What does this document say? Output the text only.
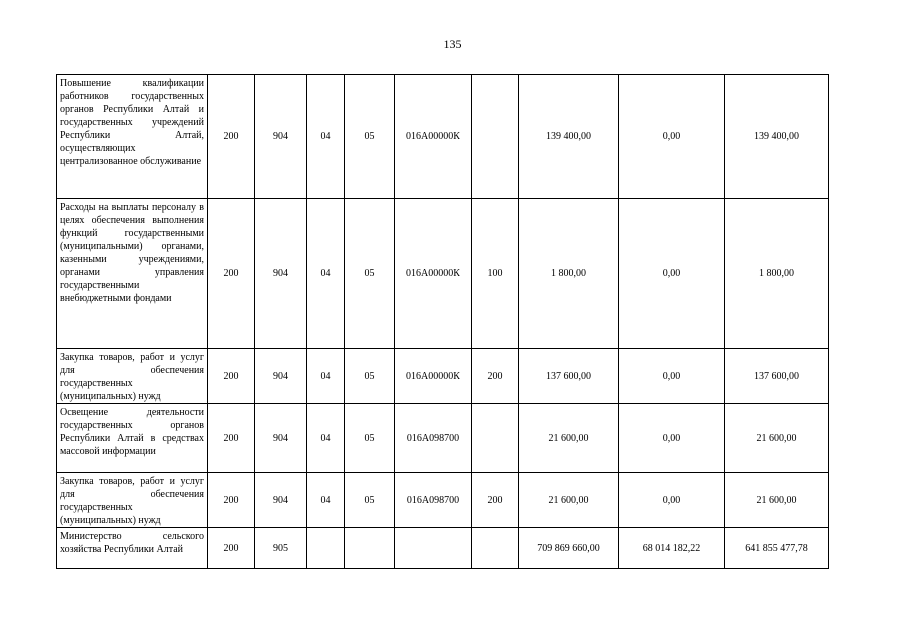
135
Повышение квалификации работников государственных органов Республики Алтай и государственных учреждений Республики Алтай, осуществляющих централизованное обслуживание	200	904	04	05	016А00000К		139 400,00	0,00	139 400,00
Расходы на выплаты персоналу в целях обеспечения выполнения функций государственными (муниципальными) органами, казенными учреждениями, органами управления государственными внебюджетными фондами	200	904	04	05	016А00000К	100	1 800,00	0,00	1 800,00
Закупка товаров, работ и услуг для обеспечения государственных (муниципальных) нужд	200	904	04	05	016А00000К	200	137 600,00	0,00	137 600,00
Освещение деятельности государственных органов Республики Алтай в средствах массовой информации	200	904	04	05	016А098700		21 600,00	0,00	21 600,00
Закупка товаров, работ и услуг для обеспечения государственных (муниципальных) нужд	200	904	04	05	016А098700	200	21 600,00	0,00	21 600,00
Министерство сельского хозяйства Республики Алтай	200	905					709 869 660,00	68 014 182,22	641 855 477,78
